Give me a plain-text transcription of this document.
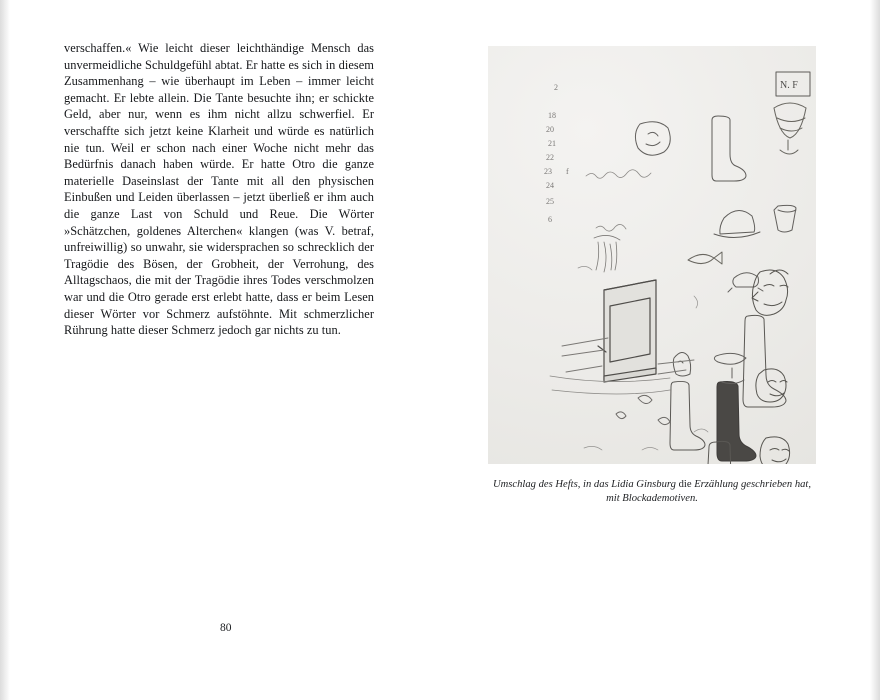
verschaffen.« Wie leicht dieser leichthändige Mensch das unvermeidliche Schuldgefühl abtat. Er hatte es sich in diesem Zusammenhang – wie überhaupt im Leben – immer leicht gemacht. Er lebte allein. Die Tante besuchte ihn; er schickte Geld, aber nur, wenn es ihm nicht allzu schwerfiel. Er verschaffte sich jetzt keine Klarheit und würde es natürlich nie tun. Weil er schon nach einer Woche nicht mehr das Bedürfnis danach haben würde. Er hatte Otro die ganze materielle Daseinslast der Tante mit all den physischen Einbußen und Leiden überlassen – jetzt überließ er ihm auch die ganze Last von Schuld und Reue. Die Wörter »Schätzchen, goldenes Alterchen« klangen (was V. betraf, unfreiwillig) so unwahr, sie widersprachen so schrecklich der Tragödie des Bösen, der Grobheit, der Verrohung, des Alltagschaos, die mit der Tragödie ihres Todes verschmolzen war und die Otro gerade erst erlebt hatte, dass er beim Lesen dieser Wörter vor Schmerz aufstöhnte. Mit schmerzlicher Rührung hatte dieser Schmerz jedoch gar nichts zu tun.

80
2
18
20
21
22
23 f
24
25
6
N. F
Umschlag des Hefts, in das Lidia Ginsburg die Erzählung geschrieben hat,
mit Blockademotiven.
